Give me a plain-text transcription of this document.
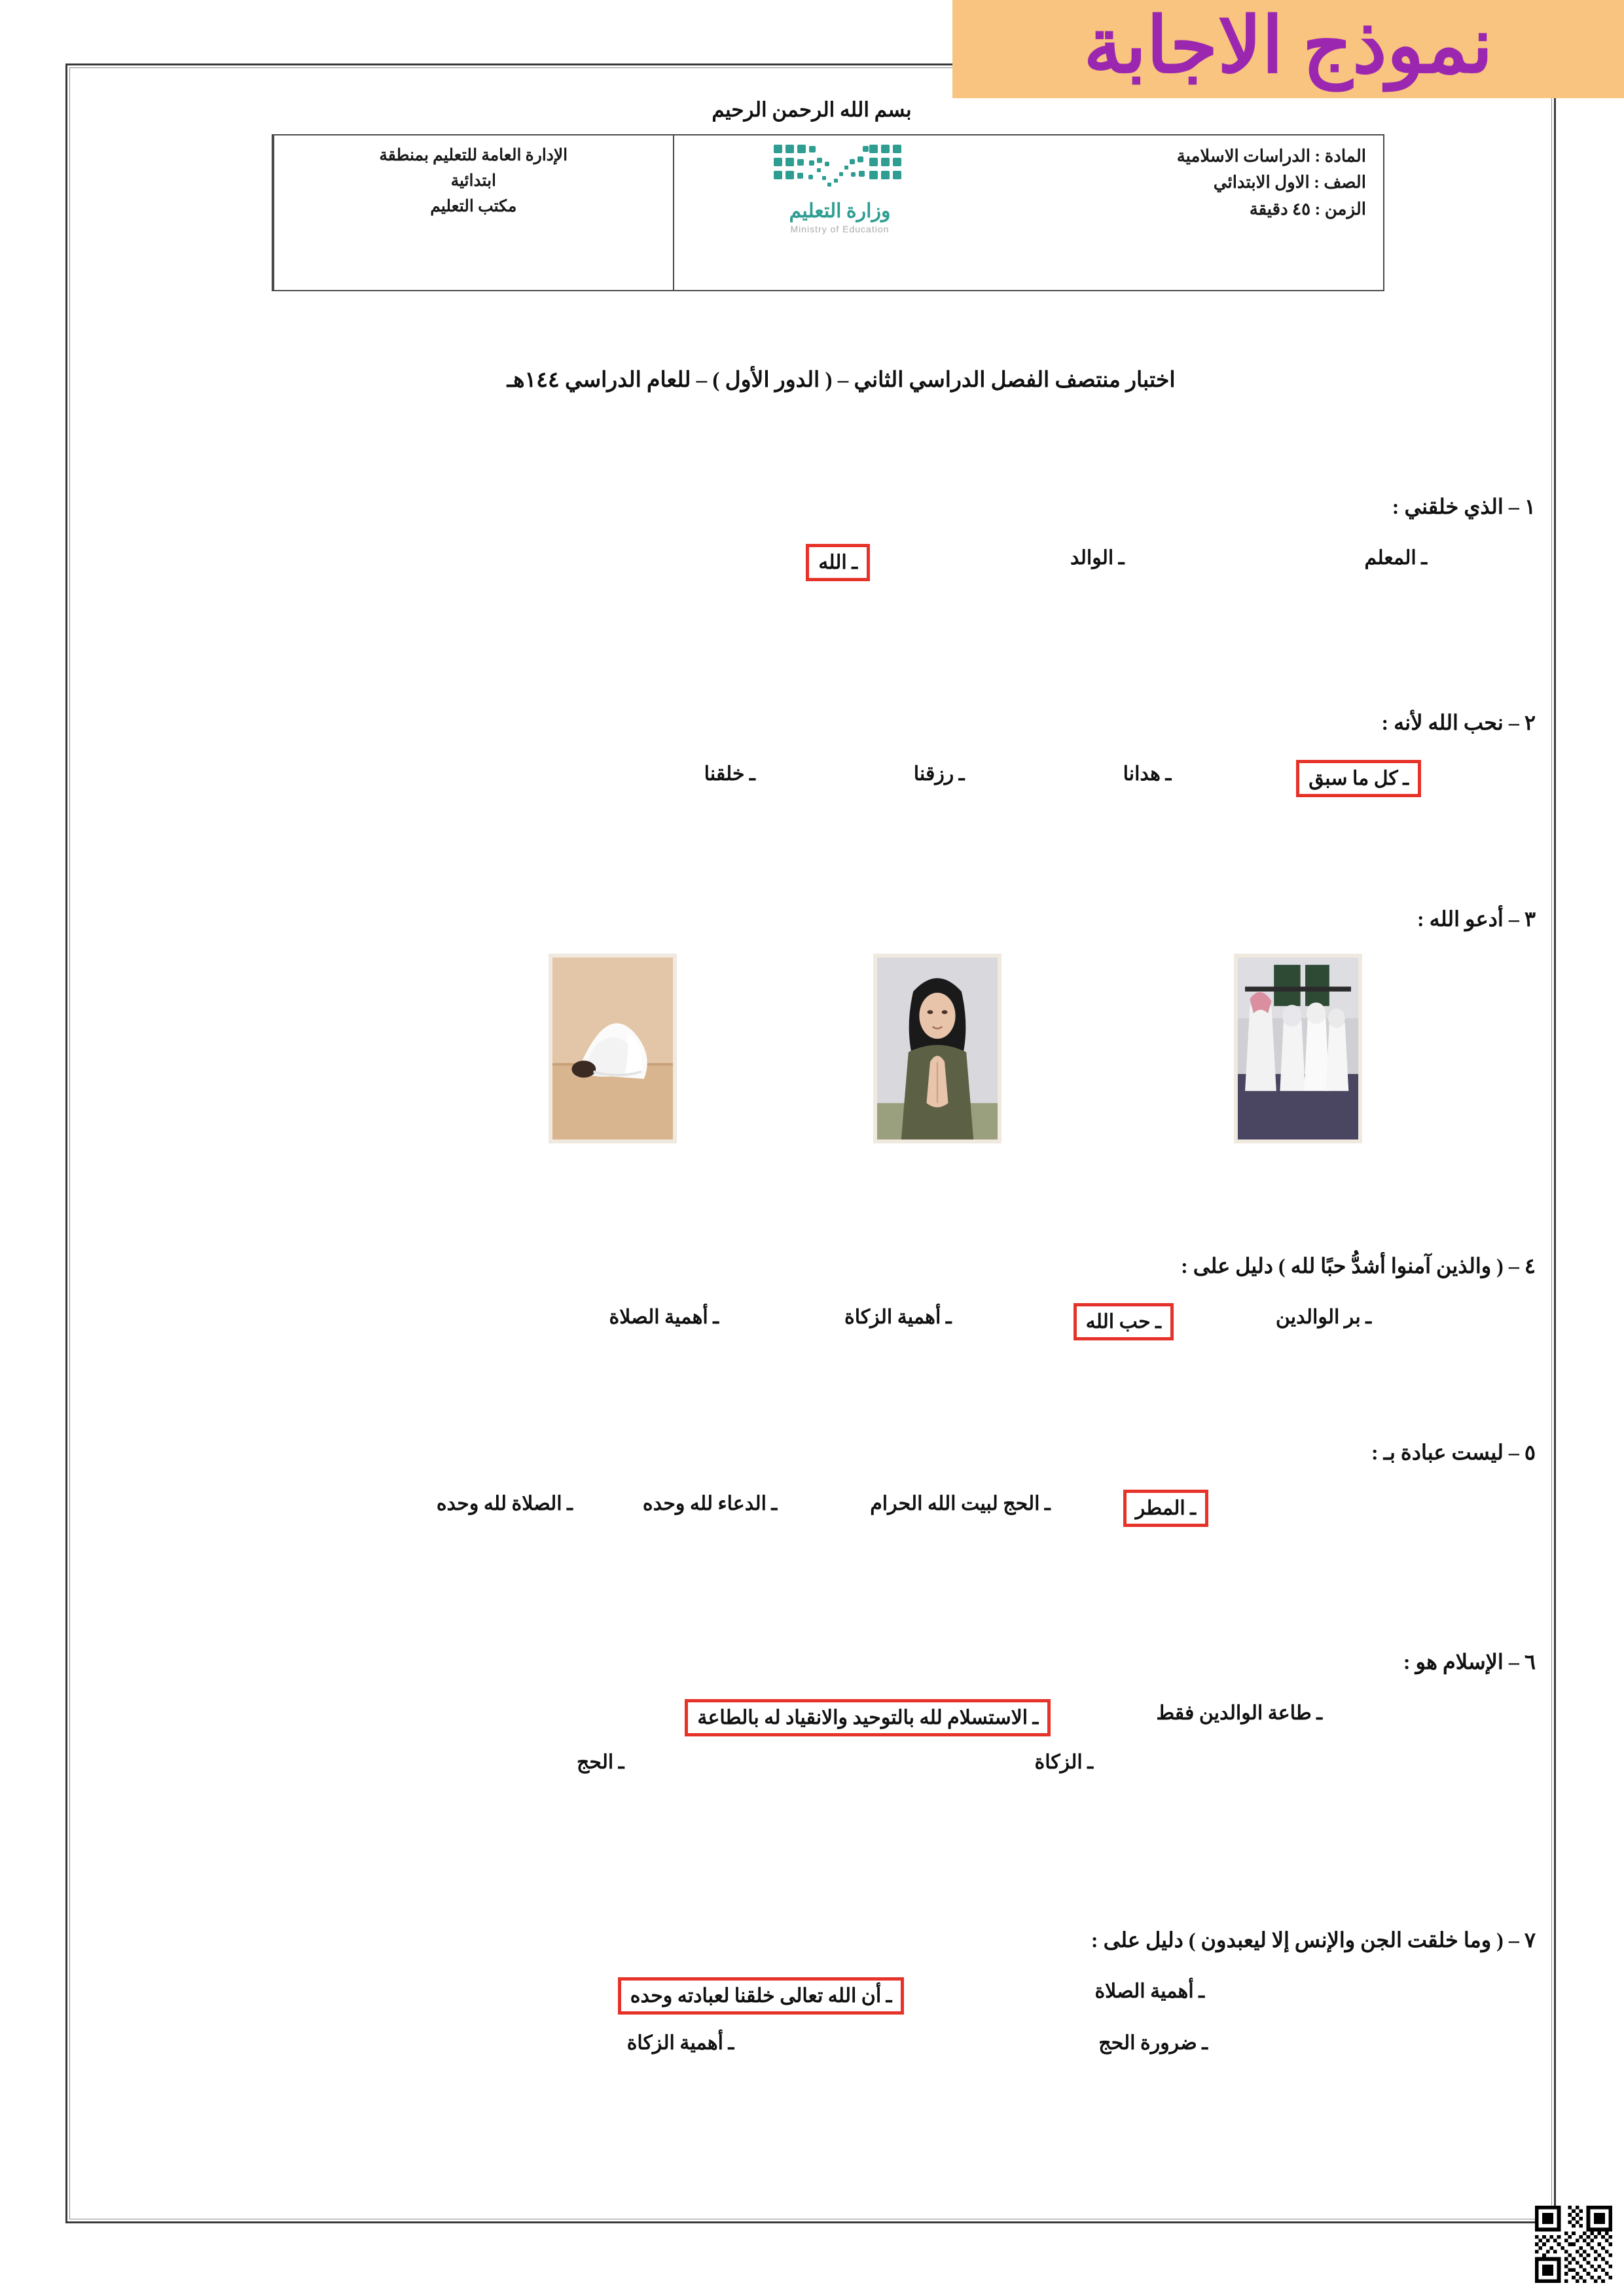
بسم الله الرحمن الرحيم
الإدارة العامة للتعليم بمنطقة
ابتدائية
مكتب التعليم	وزارة التعليم
Ministry of Education
المادة : الدراسات الاسلامية
الصف : الاول الابتدائي
الزمن : ٤٥ دقيقة
نموذج الاجابة
اختبار منتصف الفصل الدراسي الثاني – ( الدور الأول ) – للعام الدراسي ١٤٤هـ
١ – الذي خلقني :
ـ المعلم
ـ الوالد
ـ الله
٢ – نحب الله لأنه :
ـ كل ما سبق
ـ هدانا
ـ رزقنا
ـ خلقنا
٣ – أدعو الله :
٤ – ( والذين آمنوا أشدُّ حبًا لله ) دليل على :
ـ بر الوالدين
ـ حب الله
ـ أهمية الزكاة
ـ أهمية الصلاة
٥ – ليست عبادة بـ :
ـ المطر
ـ الحج لبيت الله الحرام
ـ الدعاء لله وحده
ـ الصلاة لله وحده
٦ – الإسلام هو :
ـ طاعة الوالدين فقط
ـ الاستسلام لله بالتوحيد والانقياد له بالطاعة
ـ الزكاة
ـ الحج
٧ – ( وما خلقت الجن والإنس إلا ليعبدون ) دليل على :
ـ أهمية الصلاة
ـ أن الله تعالى خلقنا لعبادته وحده
ـ ضرورة الحج
ـ أهمية الزكاة
